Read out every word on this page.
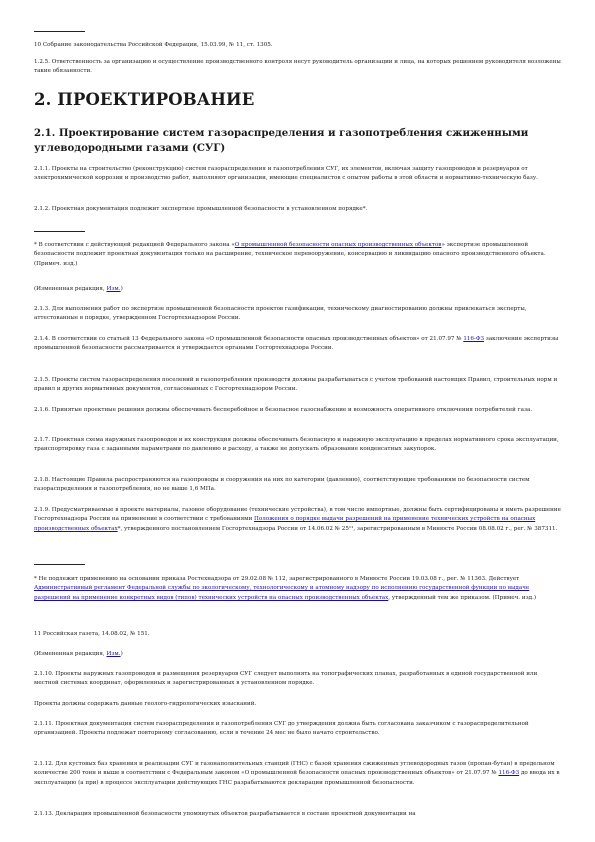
10 Собрание законодательства Российской Федерации, 15.03.99, № 11, ст. 1305.
1.2.5. Ответственность за организацию и осуществление производственного контроля несут руководитель организации и лица, на которых решением руководителя возложены такие обязанности.
2. ПРОЕКТИРОВАНИЕ
2.1. Проектирование систем газораспределения и газопотребления сжиженными углеводородными газами (СУГ)
2.1.1. Проекты на строительство (реконструкцию) систем газораспределения и газопотребления СУГ, их элементов, включая защиту газопроводов и резервуаров от электрохимической коррозии и производство работ, выполняют организации, имеющие специалистов с опытом работы в этой области и нормативно-техническую базу.
2.1.2. Проектная документация подлежит экспертизе промышленной безопасности в установленном порядке*.
* В соответствии с действующей редакцией Федерального закона «О промышленной безопасности опасных производственных объектов» экспертизе промышленной безопасности подлежит проектная документация только на расширение, техническое перевооружение, консервацию и ликвидацию опасного производственного объекта. (Примеч. изд.)
(Измененная редакция, Изм.)
2.1.3. Для выполнения работ по экспертизе промышленной безопасности проектов газификации, техническому диагностированию должны привлекаться эксперты, аттестованные в порядке, утвержденном Госгортехнадзором России.
2.1.4. В соответствии со статьей 13 Федерального закона «О промышленной безопасности опасных производственных объектов» от 21.07.97 № 116-ФЗ заключение экспертизы промышленной безопасности рассматривается и утверждается органами Госгортехнадзора России.
2.1.5. Проекты систем газораспределения поселений и газопотребления производств должны разрабатываться с учетом требований настоящих Правил, строительных норм и правил и других нормативных документов, согласованных с Госгортехнадзором России.
2.1.6. Принятые проектные решения должны обеспечивать бесперебойное и безопасное газоснабжение и возможность оперативного отключения потребителей газа.
2.1.7. Проектная схема наружных газопроводов и их конструкция должны обеспечивать безопасную и надежную эксплуатацию в пределах нормативного срока эксплуатации, транспортировку газа с заданными параметрами по давлению и расходу, а также не допускать образование конденсатных закупорок.
2.1.8. Настоящие Правила распространяются на газопроводы и сооружения на них по категории (давлению), соответствующие требованиям по безопасности систем газораспределения и газопотребления, но не выше 1,6 МПа.
2.1.9. Предусматриваемые в проекте материалы, газовое оборудование (технические устройства), в том числе импортные, должны быть сертифицированы и иметь разрешение Госгортехнадзора России на применение в соответствии с требованиями Положения о порядке выдачи разрешений на применение технических устройств на опасных производственных объектах*, утвержденного постановлением Госгортехнадзора России от 14.06.02 № 25¹¹, зарегистрированным в Минюсте России 08.08.02 г., рег. № 387311.
* Не подлежит применению на основании приказа Ростехнадзора от 29.02.08 № 112, зарегистрированного в Минюсте России 19.03.08 г., рег. № 11363. Действует Административный регламент Федеральной службы по экологическому, технологическому и атомному надзору по исполнению государственной функции по выдаче разрешений на применение конкретных видов (типов) технических устройств на опасных производственных объектах, утвержденный тем же приказом. (Примеч. изд.)
11 Российская газета, 14.08.02, № 151.
(Измененная редакция, Изм.)
2.1.10. Проекты наружных газопроводов и размещения резервуаров СУГ следует выполнять на топографических планах, разработанных в единой государственной или местной системах координат, оформленных и зарегистрированных в установленном порядке.
Проекты должны содержать данные геолого-гидрологических изысканий.
2.1.11. Проектная документация систем газораспределения и газопотребления СУГ до утверждения должна быть согласована заказчиком с газораспределительной организацией. Проекты подлежат повторному согласованию, если в течение 24 мес не было начато строительство.
2.1.12. Для кустовых баз хранения и реализации СУГ и газонаполнительных станций (ГНС) с базой хранения сжиженных углеводородных газов (пропан-бутан) в предельном количестве 200 тонн и выше в соответствии с Федеральным законом «О промышленной безопасности опасных производственных объектов» от 21.07.97 № 116-ФЗ до ввода их в эксплуатацию (а при) в процессе эксплуатации действующих ГНС разрабатываются декларации промышленной безопасности.
2.1.13. Декларация промышленной безопасности упомянутых объектов разрабатывается в составе проектной документации на
